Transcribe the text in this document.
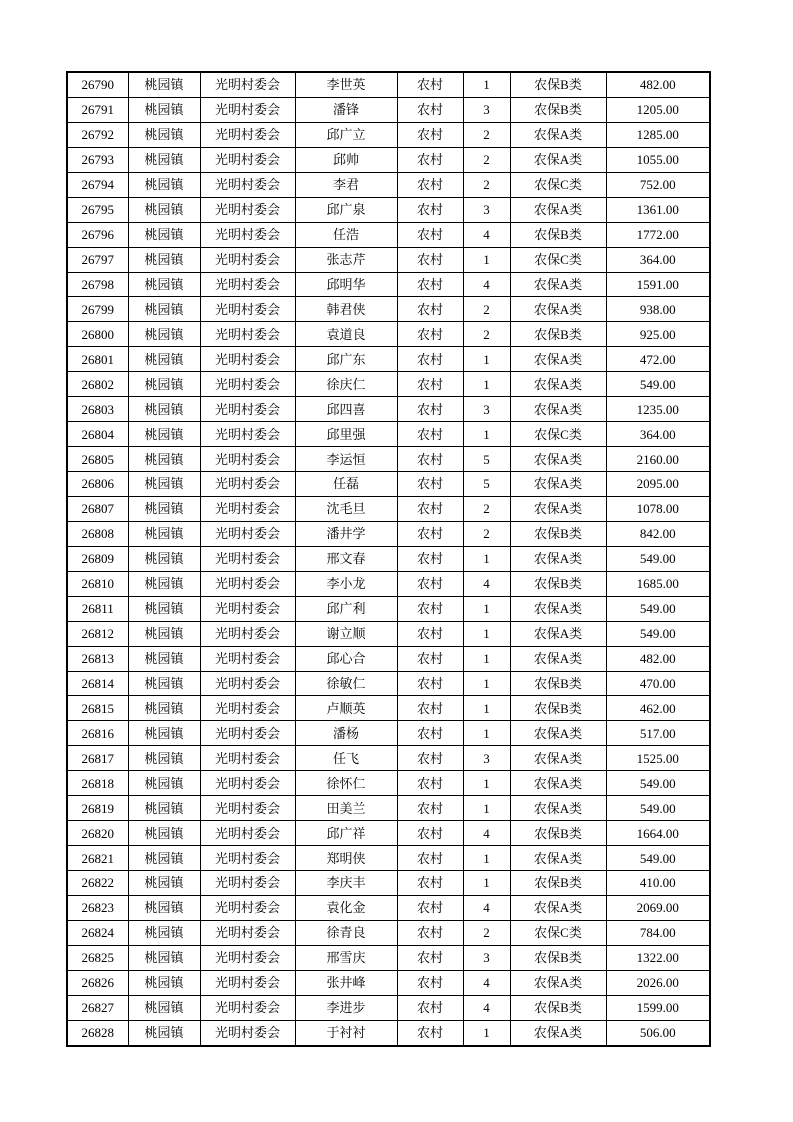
26790	桃园镇	光明村委会	李世英	农村	1	农保B类	482.00
26791	桃园镇	光明村委会	潘锋	农村	3	农保B类	1205.00
26792	桃园镇	光明村委会	邱广立	农村	2	农保A类	1285.00
26793	桃园镇	光明村委会	邱帅	农村	2	农保A类	1055.00
26794	桃园镇	光明村委会	李君	农村	2	农保C类	752.00
26795	桃园镇	光明村委会	邱广泉	农村	3	农保A类	1361.00
26796	桃园镇	光明村委会	任浩	农村	4	农保B类	1772.00
26797	桃园镇	光明村委会	张志芹	农村	1	农保C类	364.00
26798	桃园镇	光明村委会	邱明华	农村	4	农保A类	1591.00
26799	桃园镇	光明村委会	韩君侠	农村	2	农保A类	938.00
26800	桃园镇	光明村委会	袁道良	农村	2	农保B类	925.00
26801	桃园镇	光明村委会	邱广东	农村	1	农保A类	472.00
26802	桃园镇	光明村委会	徐庆仁	农村	1	农保A类	549.00
26803	桃园镇	光明村委会	邱四喜	农村	3	农保A类	1235.00
26804	桃园镇	光明村委会	邱里强	农村	1	农保C类	364.00
26805	桃园镇	光明村委会	李运恒	农村	5	农保A类	2160.00
26806	桃园镇	光明村委会	任磊	农村	5	农保A类	2095.00
26807	桃园镇	光明村委会	沈毛旦	农村	2	农保A类	1078.00
26808	桃园镇	光明村委会	潘井学	农村	2	农保B类	842.00
26809	桃园镇	光明村委会	邢文春	农村	1	农保A类	549.00
26810	桃园镇	光明村委会	李小龙	农村	4	农保B类	1685.00
26811	桃园镇	光明村委会	邱广利	农村	1	农保A类	549.00
26812	桃园镇	光明村委会	谢立顺	农村	1	农保A类	549.00
26813	桃园镇	光明村委会	邱心合	农村	1	农保A类	482.00
26814	桃园镇	光明村委会	徐敏仁	农村	1	农保B类	470.00
26815	桃园镇	光明村委会	卢顺英	农村	1	农保B类	462.00
26816	桃园镇	光明村委会	潘杨	农村	1	农保A类	517.00
26817	桃园镇	光明村委会	任飞	农村	3	农保A类	1525.00
26818	桃园镇	光明村委会	徐怀仁	农村	1	农保A类	549.00
26819	桃园镇	光明村委会	田美兰	农村	1	农保A类	549.00
26820	桃园镇	光明村委会	邱广祥	农村	4	农保B类	1664.00
26821	桃园镇	光明村委会	郑明侠	农村	1	农保A类	549.00
26822	桃园镇	光明村委会	李庆丰	农村	1	农保B类	410.00
26823	桃园镇	光明村委会	袁化金	农村	4	农保A类	2069.00
26824	桃园镇	光明村委会	徐青良	农村	2	农保C类	784.00
26825	桃园镇	光明村委会	邢雪庆	农村	3	农保B类	1322.00
26826	桃园镇	光明村委会	张井峰	农村	4	农保A类	2026.00
26827	桃园镇	光明村委会	李进步	农村	4	农保B类	1599.00
26828	桃园镇	光明村委会	于衬衬	农村	1	农保A类	506.00
